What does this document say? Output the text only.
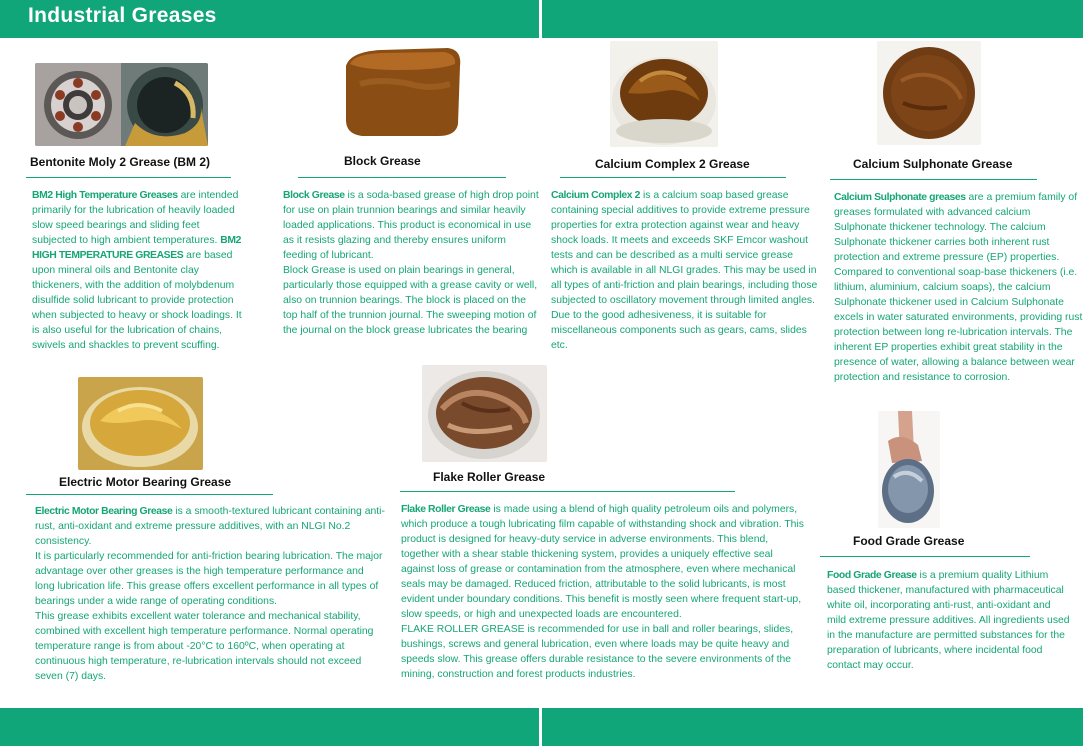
Industrial Greases
Bentonite Moly 2 Grease (BM 2)
BM2 High Temperature Greases are intended primarily for the lubrication of heavily loaded slow speed bearings and sliding feet subjected to high ambient temperatures. BM2 HIGH TEMPERATURE GREASES are based upon mineral oils and Bentonite clay thickeners, with the addition of molybdenum disulfide solid lubricant to provide protection when subjected to heavy or shock loadings. It is also useful for the lubrication of chains, swivels and shackles to prevent scuffing.
Block Grease

Block Grease is a soda-based grease of high drop point for use on plain trunnion bearings and similar heavily loaded applications. This product is economical in use as it resists glazing and thereby ensures uniform feeding of lubricant.

Block Grease is used on plain bearings in general, particularly those equipped with a grease cavity or well, also on trunnion bearings. The block is placed on the top half of the trunnion journal. The sweeping motion of the journal on the block grease lubricates the bearing

Calcium Complex 2 Grease
Calcium Complex 2 is a calcium soap based grease containing special additives to provide extreme pressure properties for extra protection against wear and heavy shock loads. It meets and exceeds SKF Emcor washout tests and can be described as a multi service grease which is available in all NLGI grades. This may be used in all types of anti-friction and plain bearings, including those subjected to oscillatory movement through limited angles. Due to the good adhesiveness, it is suitable for miscellaneous components such as gears, cams, slides etc.
Calcium Sulphonate Grease
Calcium Sulphonate greases are a premium family of greases formulated with advanced calcium Sulphonate thickener technology. The calcium Sulphonate thickener carries both inherent rust protection and extreme pressure (EP) properties. Compared to conventional soap-base thickeners (i.e. lithium, aluminium, calcium soaps), the calcium Sulphonate thickener used in Calcium Sulphonate excels in water saturated environments, providing rust protection between long re-lubrication intervals. The inherent EP properties exhibit great stability in the presence of water, allowing a balance between wear protection and resistance to corrosion.
Electric Motor Bearing Grease

Electric Motor Bearing Grease is a smooth-textured lubricant containing anti-rust, anti-oxidant and extreme pressure additives, with an NLGI No.2 consistency.

It is particularly recommended for anti-friction bearing lubrication. The major advantage over other greases is the high temperature performance and long lubrication life. This grease offers excellent performance in all types of bearings under a wide range of operating conditions.

This grease exhibits excellent water tolerance and mechanical stability, combined with excellent high temperature performance. Normal operating temperature range is from about -20°C to 160ºC, when operating at continuous high temperature, re-lubrication intervals should not exceed seven (7) days.

Flake Roller Grease

Flake Roller Grease is made using a blend of high quality petroleum oils and polymers, which produce a tough lubricating film capable of withstanding shock and vibration. This product is designed for heavy-duty service in adverse environments. This blend, together with a shear stable thickening system, provides a uniquely effective seal against loss of grease or contamination from the atmosphere, even where mechanical seals may be damaged. Reduced friction, attributable to the solid lubricants, is most evident under boundary conditions. This benefit is mostly seen where frequent start-up, slow speeds, or high and unexpected loads are encountered.

FLAKE ROLLER GREASE is recommended for use in ball and roller bearings, slides, bushings, screws and general lubrication, even where loads may be quite heavy and speeds slow. This grease offers durable resistance to the severe environments of the mining, construction and forest products industries.

Food Grade Grease
Food Grade Grease is a premium quality Lithium based thickener, manufactured with pharmaceutical white oil, incorporating anti-rust, anti-oxidant and mild extreme pressure additives. All ingredients used in the manufacture are permitted substances for the preparation of lubricants, where incidental food contact may occur.
